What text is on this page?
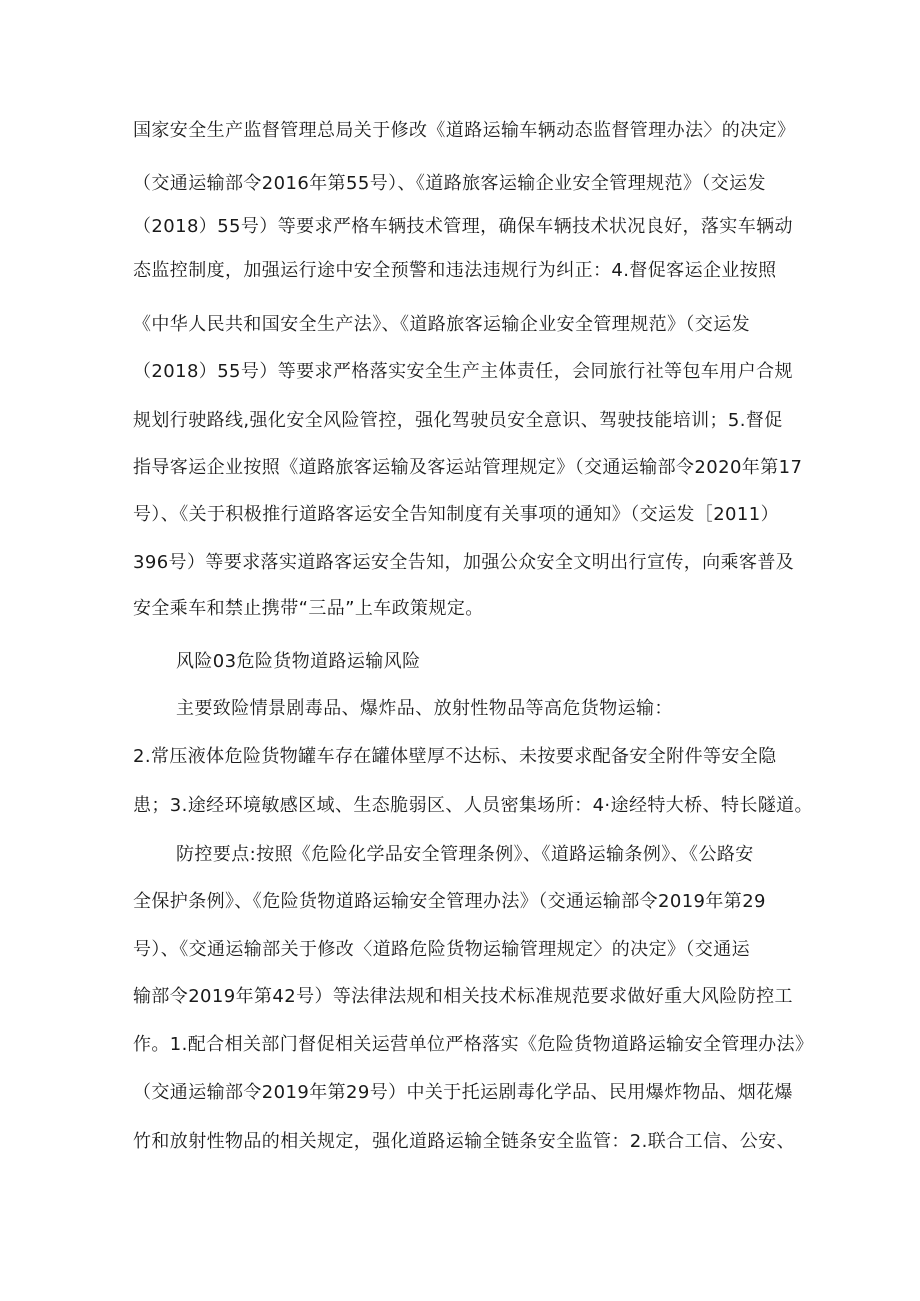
国家安全生产监督管理总局关于修改《道路运输车辆动态监督管理办法〉的决定》
（交通运输部令2016年第55号）、《道路旅客运输企业安全管理规范》（交运发
（2018）55号）等要求严格车辆技术管理，确保车辆技术状况良好，落实车辆动
态监控制度，加强运行途中安全预警和违法违规行为纠正：4.督促客运企业按照
《中华人民共和国安全生产法》、《道路旅客运输企业安全管理规范》（交运发
（2018）55号）等要求严格落实安全生产主体责任，会同旅行社等包车用户合规
规划行驶路线,强化安全风险管控，强化驾驶员安全意识、驾驶技能培训；5.督促
指导客运企业按照《道路旅客运输及客运站管理规定》（交通运输部令2020年第17
号）、《关于积极推行道路客运安全告知制度有关事项的通知》（交运发［2011）
396号）等要求落实道路客运安全告知，加强公众安全文明出行宣传，向乘客普及
安全乘车和禁止携带“三品”上车政策规定。
风险03危险货物道路运输风险
主要致险情景剧毒品、爆炸品、放射性物品等高危货物运输：
2.常压液体危险货物罐车存在罐体壁厚不达标、未按要求配备安全附件等安全隐
患；3.途经环境敏感区域、生态脆弱区、人员密集场所：4·途经特大桥、特长隧道。
防控要点:按照《危险化学品安全管理条例》、《道路运输条例》、《公路安
全保护条例》、《危险货物道路运输安全管理办法》（交通运输部令2019年第29
号）、《交通运输部关于修改〈道路危险货物运输管理规定〉的决定》（交通运
输部令2019年第42号）等法律法规和相关技术标准规范要求做好重大风险防控工
作。1.配合相关部门督促相关运营单位严格落实《危险货物道路运输安全管理办法》
（交通运输部令2019年第29号）中关于托运剧毒化学品、民用爆炸物品、烟花爆
竹和放射性物品的相关规定，强化道路运输全链条安全监管：2.联合工信、公安、
